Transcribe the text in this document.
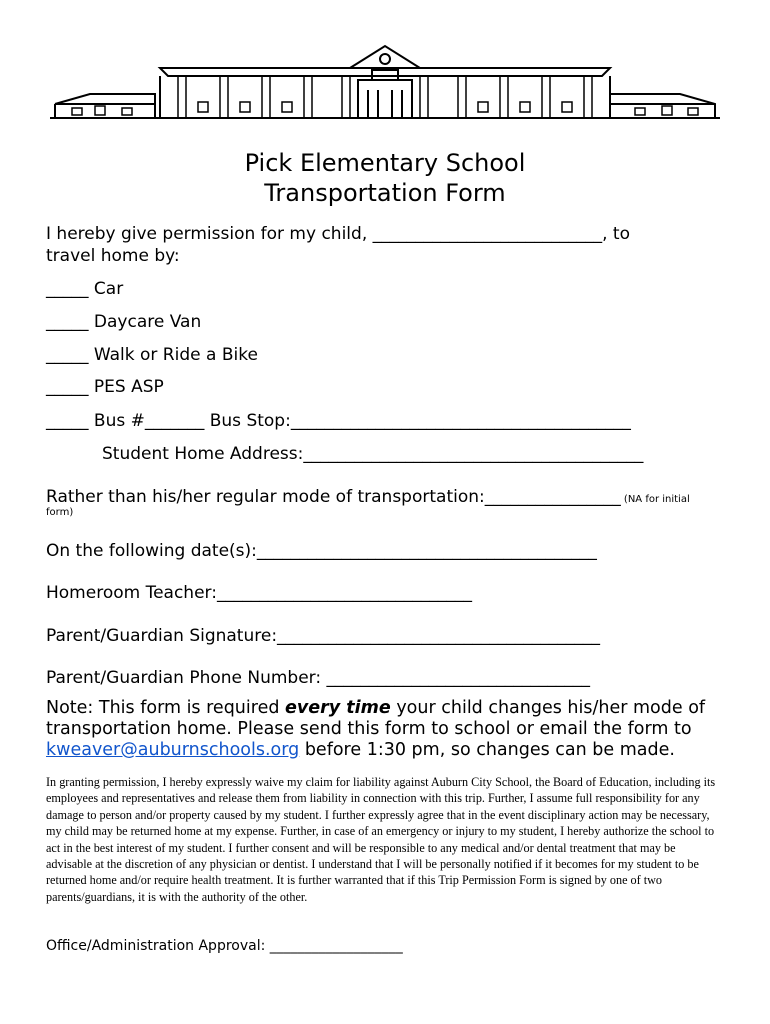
Pick Elementary School
Transportation Form
I hereby give permission for my child, ___________________________, to
travel home by:
_____ Car
_____ Daycare Van
_____ Walk or Ride a Bike
_____ PES ASP
_____ Bus #_______ Bus Stop:________________________________________
Student Home Address:________________________________________
Rather than his/her regular mode of transportation:________________ (NA for initial
form)
On the following date(s):________________________________________
Homeroom Teacher:______________________________
Parent/Guardian Signature:______________________________________
Parent/Guardian Phone Number: _______________________________
Note: This form is required every time your child changes his/her mode of transportation home. Please send this form to school or email the form to kweaver@auburnschools.org before 1:30 pm, so changes can be made.
In granting permission, I hereby expressly waive my claim for liability against Auburn City School, the Board of Education, including its employees and representatives and release them from liability in connection with this trip. Further, I assume full responsibility for any damage to person and/or property caused by my student. I further expressly agree that in the event disciplinary action may be necessary, my child may be returned home at my expense. Further, in case of an emergency or injury to my student, I hereby authorize the school to act in the best interest of my student. I further consent and will be responsible to any medical and/or dental treatment that may be advisable at the discretion of any physician or dentist. I understand that I will be personally notified if it becomes for my student to be returned home and/or require health treatment. It is further warranted that if this Trip Permission Form is signed by one of two parents/guardians, it is with the authority of the other.
Office/Administration Approval: ___________________
